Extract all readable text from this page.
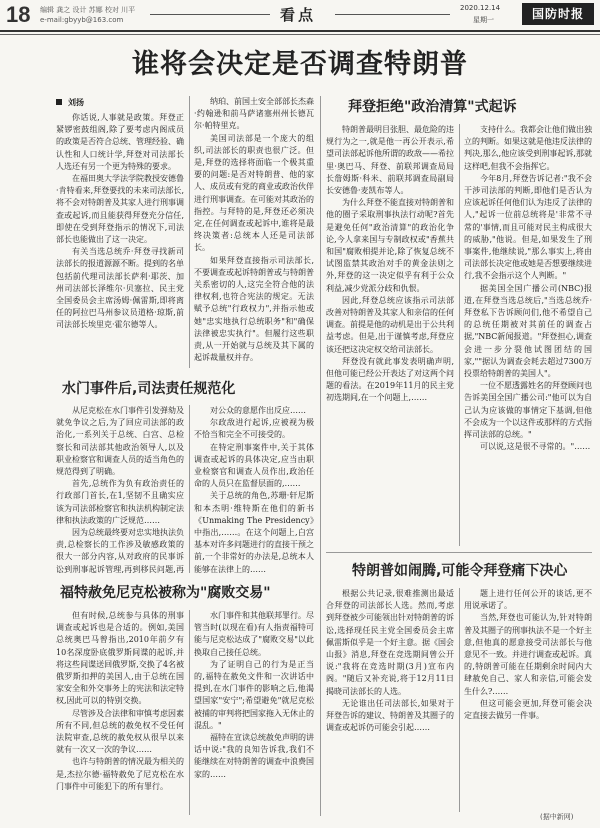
18 编辑 龚之 设计 苏娜 校对 川平
e-mail:gbyyb@163.com	看点	2020.12.14
星期一	国防时报
谁将会决定是否调查特朗普
刘扬

你话说,人事就是政策。拜登正紧锣密鼓组阁,除了要考虑内阁成员的政策是否符合总统、管理经验、确认性和人口统计学,拜登对司法部长人选还有另一个更为特殊的要求。

在福田奥大学法学院教授安德鲁·肯特看来,拜登要找的未来司法部长,将不会对特朗普及其家人进行刑事调查或起诉,而且能获得拜登充分信任,即使在受到拜登指示的情况下,司法部长也能做出了这一决定。

有关当选总统乔·拜登寻找新司法部长的报道源源不断。提到的名单包括前代理司法部长萨利·耶茨、加州司法部长泽维尔·贝塞拉、民主党全国委员会主席汤姆·佩雷斯,即将离任的阿拉巴马州参议员道格·琼斯,前司法部长埃里克·霍尔德等人。

纳珀、前国土安全部部长杰森·约翰逊和前马萨诸塞州州长德瓦尔·帕特里克。

美国司法部是一个庞大的组织,司法部长的职责也很广泛。但是,拜登的选择将面临一个极其重要的问题:是否对特朗普、他的家人、成员或有党的商业或政治伙伴进行刑事调查。在可能对其政治的指控。与拜特的是,拜登还必须决定,在任何调查或起诉中,谁将是最终决策者:总统本人还是司法部长。

如果拜登直接指示司法部长,不要调查或起诉特朗普或与特朗普关系密切的人,这完全符合他的法律权利,也符合宪法的规定。无法赋予总统"行政权力",并指示他或她"忠实地执行总统职务"和"确保法律被忠实执行"。但履行这些职责,从一开始就与总统及其下属的起诉裁量权并存。

水门事件后,司法责任规范化

从尼克松在水门事件引发弹劾及就免争议之后,为了回应司法部的政治化,一系列关于总统、白宫、总检察长和司法部其他政治领导人,以及职业检察官和调查人员的适当角色的规范得到了明确。

首先,总统作为负有政治责任的行政部门首长,在1,坚韧不且确实应该为司法部检察官和执法机构制定法律和执法政策的广泛规范……

因为总统最终要对忠实地执法负责,总检察长的工作涉及敏感政策的很大一部分内容,从对政府的民事诉讼到刑事起诉管理,再到移民问题,再

对公众的意愿作出反应……

尔政敌进行起诉,应被视为极不恰当和完全不可接受的。

在特定刑事案件中,关于其体调查或起诉的具体决定,应当由职业检察官和调查人员作出,政治任命的人员只在监督层面的,……

关于总统的角色,苏珊·轩尼斯和本杰明·维特斯在他们的新书《Unmaking The Presidency》中指出,……。在这个问题上,白宫基本对许多问题进行的直接干预之前,一个非常好的办法是,总统本人能够在法律上的……

福特赦免尼克松被称为"腐败交易"

但有时候,总统参与具体的刑事调查或起诉也是合适的。例如,美国总统奥巴马曾指出,2010年前夕有10名深度卧底俄罗斯间谍的起诉,并将这些间谍送回俄罗斯,交换了4名被俄罗斯扣押的美国人,由于总统在国家安全和外交事务上的宪法和法定特权,因此可以的特别交换。

尽管涉及合法律和审慎考虑因素所有不同,但总统的赦免权不受任何法院审查,总统的赦免权从很早以来就有一次又一次的争议……

也许与特朗普的情况最为相关的是,杰拉尔德·福特赦免了尼克松在水门事件中可能犯下的所有罪行。

水门事件和其他联邦罪行。尽管当时(以现在看)有人指责福特可能与尼克松达成了"腐败交易"以此换取自己接任总统。

为了证明自己的行为是正当的,福特在赦免文件和一次讲话中提到,在水门事件的影响之后,他渴望国家"安宁";希望避免"就尼克松被捕的审判将把国家拖入无休止的混乱。"

福特在宣读总统赦免声明的讲话中说:"我的良知告诉我,我们不能继续在对特朗普的调查中浪费国家的……

拜登拒绝"政治清算"式起诉

特朗普最明目张胆、最危险的违规行为之一,就是他一再公开表示,希望司法部起诉他所谓的政敌——希拉里·奥巴马、拜登、前联邦调查局局长詹姆斯·科米、前联邦调查局副局长安德鲁·麦凯布等人。

为什么拜登不能直接对特朗普和他的圈子采取刑事执法行动呢?首先是避免任何"政治清算"的政治化争论,今人拿来国与专制政权或"香蕉共和国"腐败相提并论,除了恢复总统不试图监禁其政治对手的黄金法则之外,拜登的这一决定似乎有利于公众利益,减少党派分歧和仇恨。

因此,拜登总统应该指示司法部改善对特朗普及其家人和亲信的任何调查。前提是他的动机是出于公共利益考虑。但是,出于谨慎考虑,拜登应该还把这决定权交给司法部长。

拜登没有就此事发表明确声明,但他可能已经公开表达了对这两个问题的看法。在2019年11月的民主党初选期间,在一个问题上,……

支持什么。我都会让他们做出独立的判断。如果这就是他违反法律的判决,那么,他应该受到刑事起诉,那就这样吧,但我不会指挥它。

今年8月,拜登告诉记者:"我不会干涉司法部的判断,即他们是否认为应该起诉任何他们认为违反了法律的人,"起诉一位前总统将是'非常不寻常的'事情,而且可能对民主构成很大的威胁,"他说。但是,如果发生了刑事案件,他继续说,"那么事实上,将由司法部长决定他或她是否想要继续进行,我不会指示这个人判断。"

据美国全国广播公司(NBC)报道,在拜登当选总统后,"当选总统乔·拜登私下告诉顾问们,他不希望自己的总统任期被对其前任的调查占据,"NBC新闻报道。"拜登担心,调查会进一步分裂他试图团结的国家,""据认为调查会耗去超过7300万投票给特朗普的美国人"。

一位不愿透露姓名的拜登顾问也告诉美国全国广播公司:"他可以为自己认为应该做的事情定下基调,但他不会成为一个以这件或那样的方式指挥司法部的总统。"

可以说,这是很不寻常的。"……

特朗普如闹腾,可能令拜登痛下决心

根据公共记录,很难推测出最适合拜登的司法部长人选。然而,考虑到拜登被少可能领出针对特朗普的诉讼,选择现任民主党全国委员会主席佩雷斯似乎是一个好主意。据《国会山报》消息,拜登在竞选期间曾公开说:"我将在竞选时期(3月)宣布内阁。"随后又补充说,将于12月11日揭晓司法部长的人选。

无论谁出任司法部长,如果对于拜登告诉的建议、特朗普及其圈子的调查或起诉仍可能会引起……

题上进行任何公开的谈话,更不用说承诺了。

当然,拜登也可能认为,针对特朗普及其圈子的刑事执法不是一个好主意,但他真的愿意接受司法部长与他意见不一致。并进行调查或起诉。真的,特朗普可能在任期剩余时间内大肆赦免自己、家人和亲信,可能会发生什么?……

但这可能会更加,拜登可能会决定直接去做另一件事。

(据中新网)
